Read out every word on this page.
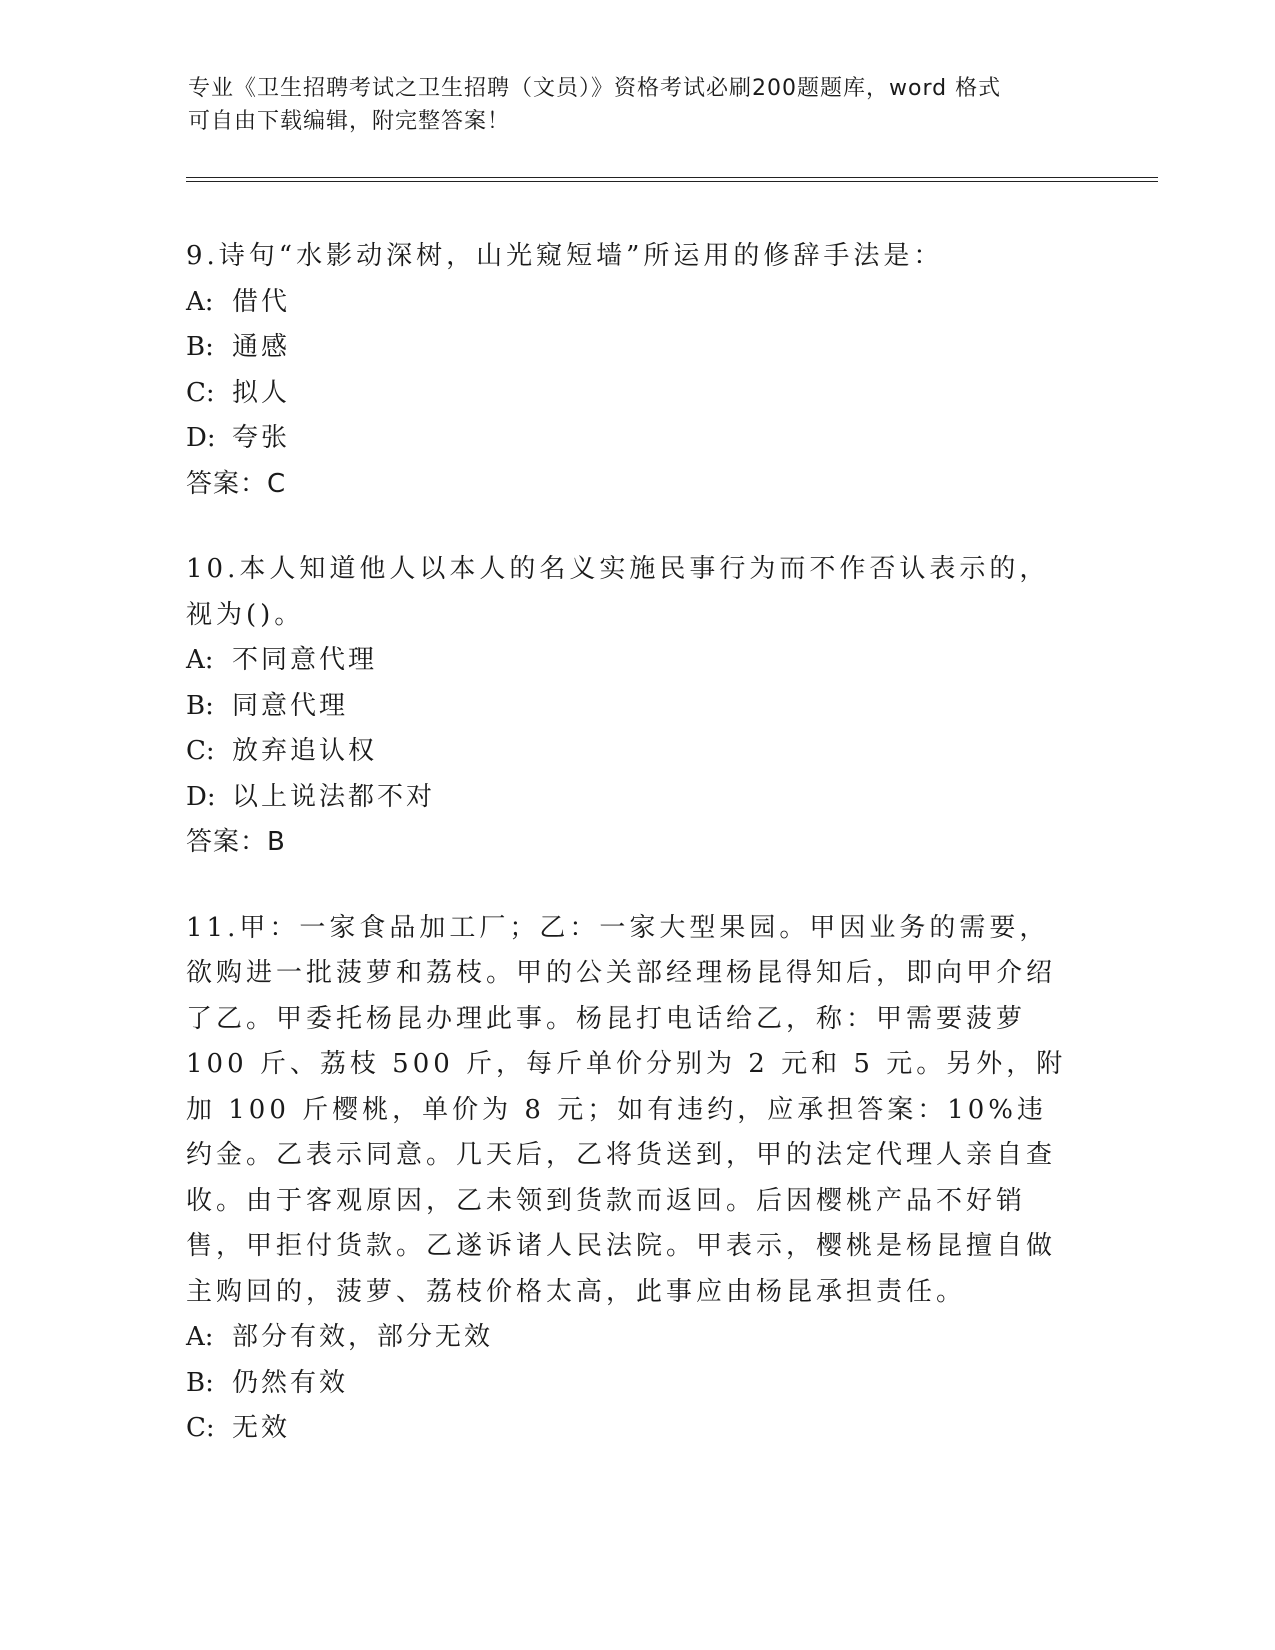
专业《卫生招聘考试之卫生招聘（文员）》资格考试必刷200题题库，word 格式
可自由下载编辑，附完整答案！
9.诗句“水影动深树，山光窥短墙”所运用的修辞手法是：
A: 借代
B: 通感
C: 拟人
D: 夸张
答案：C
10.本人知道他人以本人的名义实施民事行为而不作否认表示的，视为()。
A: 不同意代理
B: 同意代理
C: 放弃追认权
D: 以上说法都不对
答案：B
11.甲：一家食品加工厂；乙：一家大型果园。甲因业务的需要，欲购进一批菠萝和荔枝。甲的公关部经理杨昆得知后，即向甲介绍了乙。甲委托杨昆办理此事。杨昆打电话给乙，称：甲需要菠萝 100 斤、荔枝 500 斤，每斤单价分别为 2 元和 5 元。另外，附加 100 斤樱桃，单价为 8 元；如有违约，应承担答案：10%违约金。乙表示同意。几天后，乙将货送到，甲的法定代理人亲自查收。由于客观原因，乙未领到货款而返回。后因樱桃产品不好销售，甲拒付货款。乙遂诉诸人民法院。甲表示，樱桃是杨昆擅自做主购回的，菠萝、荔枝价格太高，此事应由杨昆承担责任。
A: 部分有效，部分无效
B: 仍然有效
C: 无效
